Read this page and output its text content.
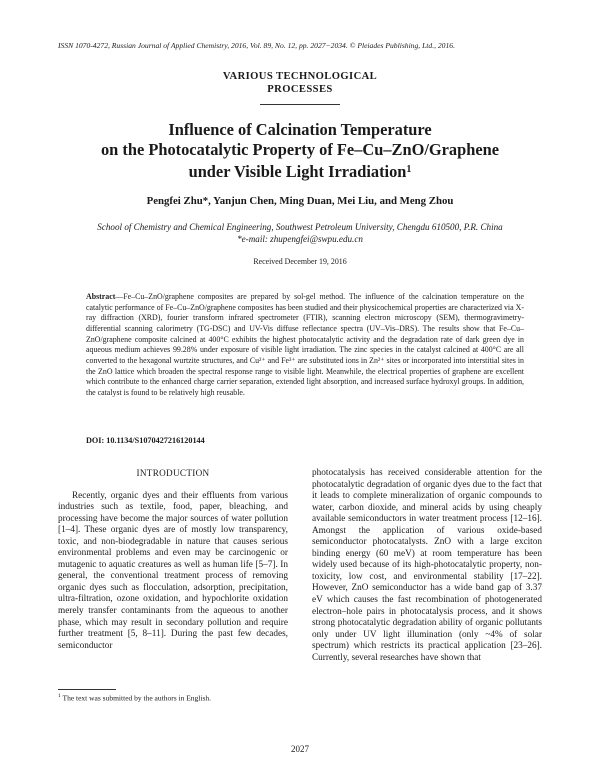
ISSN 1070-4272, Russian Journal of Applied Chemistry, 2016, Vol. 89, No. 12, pp. 2027−2034. © Pleiades Publishing, Ltd., 2016.
VARIOUS TECHNOLOGICAL
PROCESSES
Influence of Calcination Temperature
on the Photocatalytic Property of Fe–Cu–ZnO/Graphene
under Visible Light Irradiation$^1$
Pengfei Zhu*, Yanjun Chen, Ming Duan, Mei Liu, and Meng Zhou
School of Chemistry and Chemical Engineering, Southwest Petroleum University, Chengdu 610500, P.R. China
*e-mail: zhupengfei@swpu.edu.cn
Received December 19, 2016
Abstract—Fe–Cu–ZnO/graphene composites are prepared by sol-gel method. The influence of the calcination temperature on the catalytic performance of Fe–Cu–ZnO/graphene composites has been studied and their physicochemical properties are characterized via X-ray diffraction (XRD), fourier transform infrared spectrometer (FTIR), scanning electron microscopy (SEM), thermogravimetry-differential scanning calorimetry (TG-DSC) and UV-Vis diffuse reflectance spectra (UV–Vis–DRS). The results show that Fe–Cu–ZnO/graphene composite calcined at 400°C exhibits the highest photocatalytic activity and the degradation rate of dark green dye in aqueous medium achieves 99.28% under exposure of visible light irradiation. The zinc species in the catalyst calcined at 400°C are all converted to the hexagonal wurtzite structures, and Cu²⁺ and Fe³⁺ are substituted ions in Zn²⁺ sites or incorporated into interstitial sites in the ZnO lattice which broaden the spectral response range to visible light. Meanwhile, the electrical properties of graphene are excellent which contribute to the enhanced charge carrier separation, extended light absorption, and increased surface hydroxyl groups. In addition, the catalyst is found to be relatively high reusable.
DOI: 10.1134/S1070427216120144
INTRODUCTION

Recently, organic dyes and their effluents from various industries such as textile, food, paper, bleaching, and processing have become the major sources of water pollution [1–4]. These organic dyes are of mostly low transparency, toxic, and non-biodegradable in nature that causes serious environmental problems and even may be carcinogenic or mutagenic to aquatic creatures as well as human life [5–7]. In general, the conventional treatment process of removing organic dyes such as flocculation, adsorption, precipitation, ultra-filtration, ozone oxidation, and hypochlorite oxidation merely transfer contaminants from the aqueous to another phase, which may result in secondary pollution and require further treatment [5, 8–11]. During the past few decades, semiconductor

photocatalysis has received considerable attention for the photocatalytic degradation of organic dyes due to the fact that it leads to complete mineralization of organic compounds to water, carbon dioxide, and mineral acids by using cheaply available semiconductors in water treatment process [12–16]. Amongst the application of various oxide-based semiconductor photocatalysts. ZnO with a large exciton binding energy (60 meV) at room temperature has been widely used because of its high-photocatalytic property, non-toxicity, low cost, and environmental stability [17–22]. However, ZnO semiconductor has a wide band gap of 3.37 eV which causes the fast recombination of photogenerated electron–hole pairs in photocatalysis process, and it shows strong photocatalytic degradation ability of organic pollutants only under UV light illumination (only ~4% of solar spectrum) which restricts its practical application [23–26]. Currently, several researches have shown that

$^1$ The text was submitted by the authors in English.
2027
